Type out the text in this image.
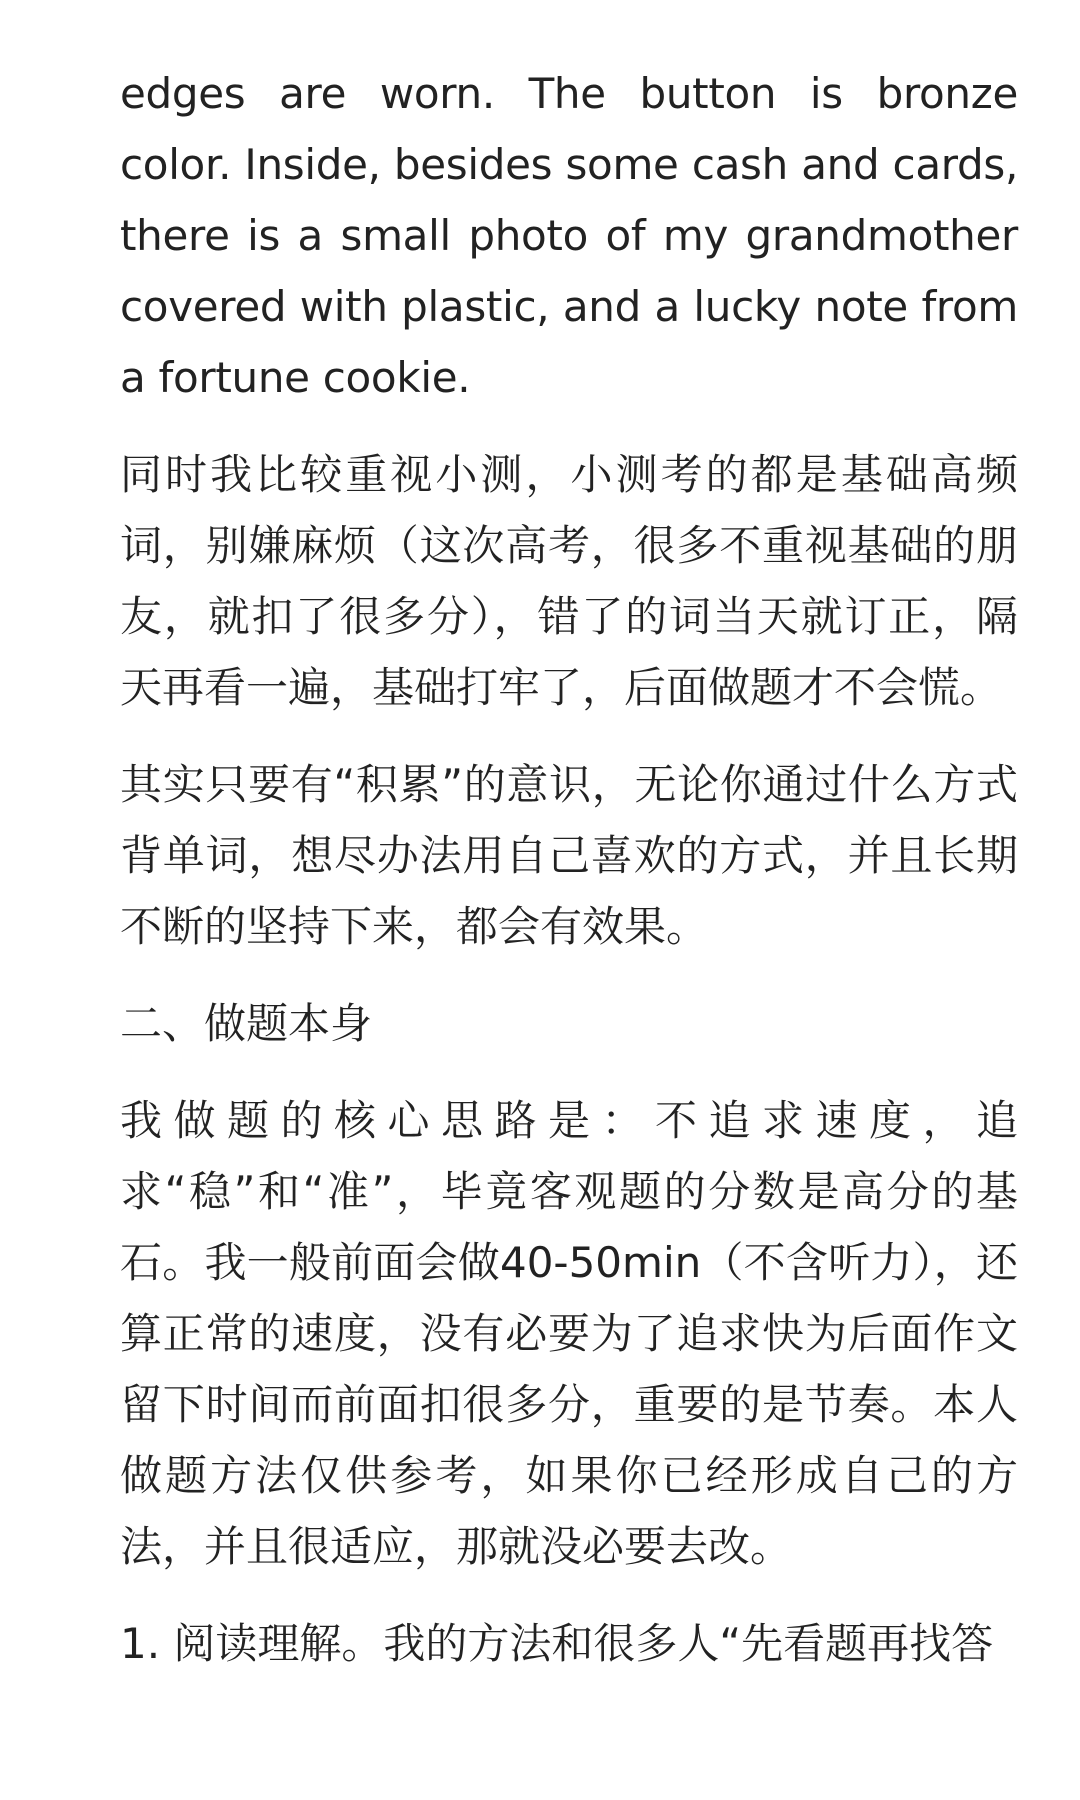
edges are worn. The button is bronze color. Inside, besides some cash and cards, there is a small photo of my grandmother covered with plastic, and a lucky note from a fortune cookie.

同时我比较重视小测，小测考的都是基础高频词，别嫌麻烦（这次高考，很多不重视基础的朋友，就扣了很多分），错了的词当天就订正，隔天再看一遍，基础打牢了，后面做题才不会慌。

其实只要有“积累”的意识，无论你通过什么方式背单词，想尽办法用自己喜欢的方式，并且长期不断的坚持下来，都会有效果。

二、做题本身

我做题的核心思路是：不追求速度，追求“稳”和“准”，毕竟客观题的分数是高分的基石。我一般前面会做40-50min（不含听力），还算正常的速度，没有必要为了追求快为后面作文留下时间而前面扣很多分，重要的是节奏。本人做题方法仅供参考，如果你已经形成自己的方法，并且很适应，那就没必要去改。

1. 阅读理解。我的方法和很多人“先看题再找答
